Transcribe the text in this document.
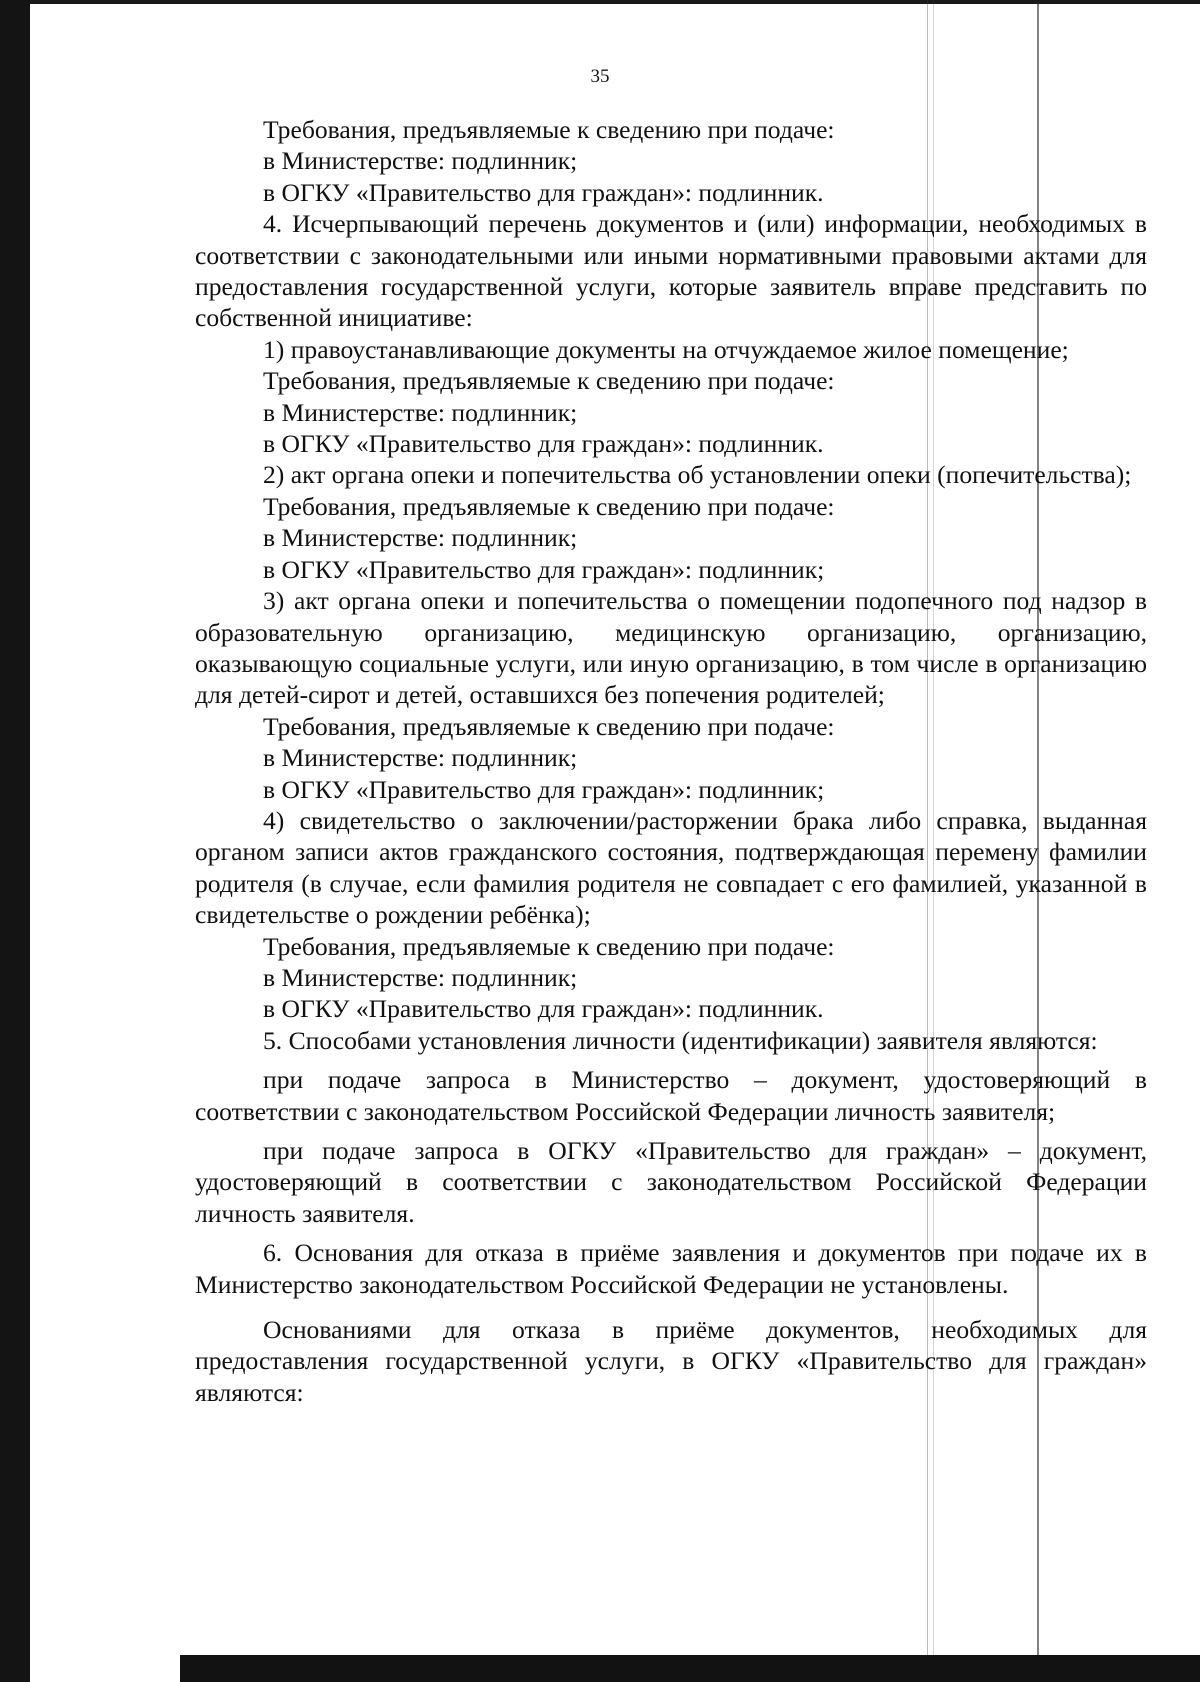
35

Требования, предъявляемые к сведению при подаче:

в Министерстве: подлинник;

в ОГКУ «Правительство для граждан»: подлинник.

4. Исчерпывающий перечень документов и (или) информации, необходимых в соответствии с законодательными или иными нормативными правовыми актами для предоставления государственной услуги, которые заявитель вправе представить по собственной инициативе:

1) правоустанавливающие документы на отчуждаемое жилое помещение;

Требования, предъявляемые к сведению при подаче:

в Министерстве: подлинник;

в ОГКУ «Правительство для граждан»: подлинник.

2) акт органа опеки и попечительства об установлении опеки (попечительства);

Требования, предъявляемые к сведению при подаче:

в Министерстве: подлинник;

в ОГКУ «Правительство для граждан»: подлинник;

3) акт органа опеки и попечительства о помещении подопечного под надзор в образовательную организацию, медицинскую организацию, организацию, оказывающую социальные услуги, или иную организацию, в том числе в организацию для детей-сирот и детей, оставшихся без попечения родителей;

Требования, предъявляемые к сведению при подаче:

в Министерстве: подлинник;

в ОГКУ «Правительство для граждан»: подлинник;

4) свидетельство о заключении/расторжении брака либо справка, выданная органом записи актов гражданского состояния, подтверждающая перемену фамилии родителя (в случае, если фамилия родителя не совпадает с его фамилией, указанной в свидетельстве о рождении ребёнка);

Требования, предъявляемые к сведению при подаче:

в Министерстве: подлинник;

в ОГКУ «Правительство для граждан»: подлинник.

5. Способами установления личности (идентификации) заявителя являются:

при подаче запроса в Министерство – документ, удостоверяющий в соответствии с законодательством Российской Федерации личность заявителя;

при подаче запроса в ОГКУ «Правительство для граждан» – документ, удостоверяющий в соответствии с законодательством Российской Федерации личность заявителя.

6. Основания для отказа в приёме заявления и документов при подаче их в Министерство законодательством Российской Федерации не установлены.

Основаниями для отказа в приёме документов, необходимых для предоставления государственной услуги, в ОГКУ «Правительство для граждан» являются:
